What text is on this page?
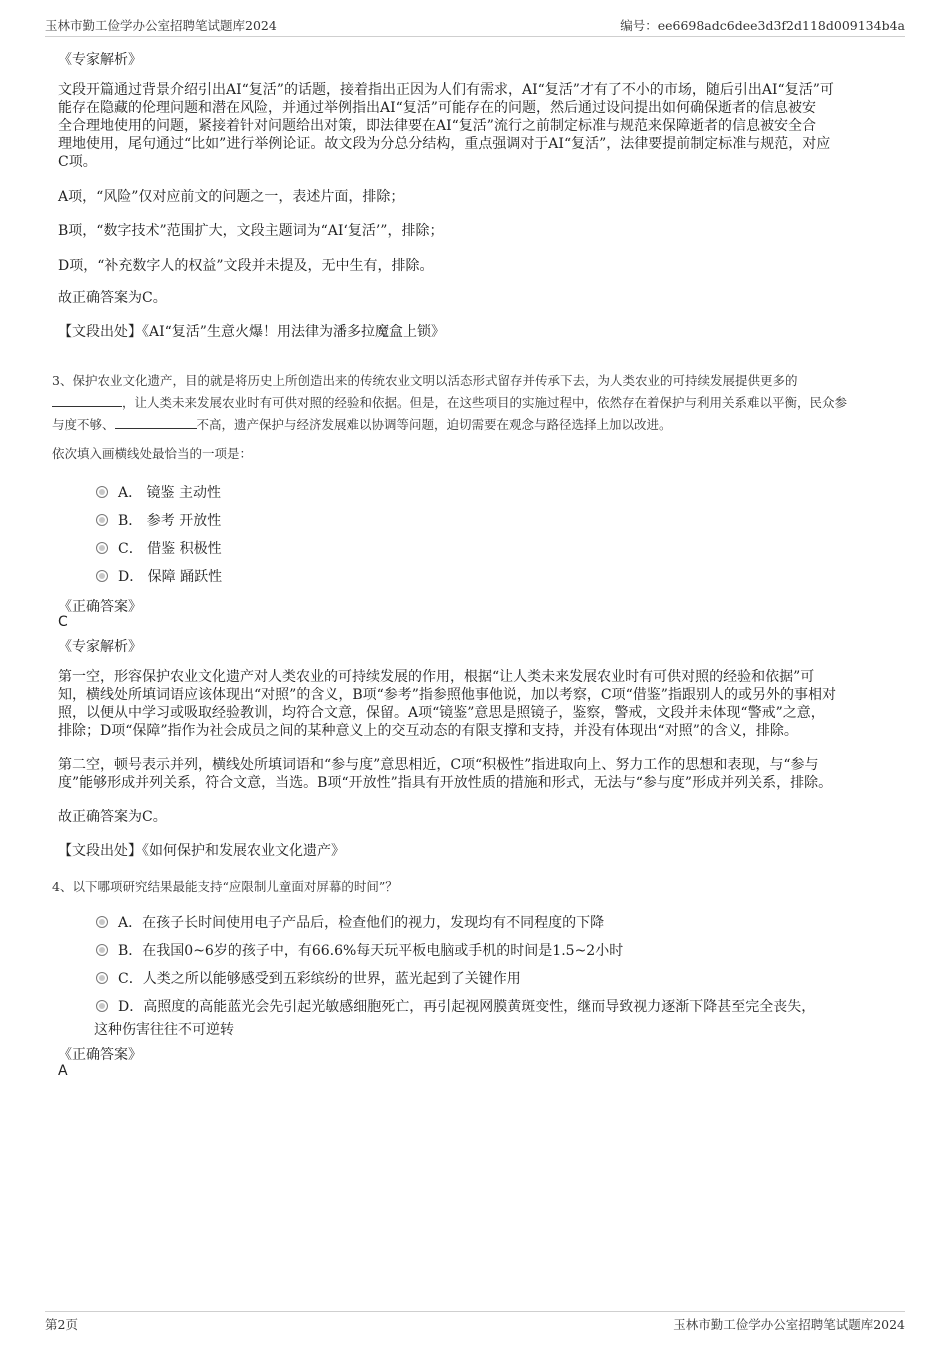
玉林市勤工俭学办公室招聘笔试题库2024	编号：ee6698adc6dee3d3f2d118d009134b4a
《专家解析》

文段开篇通过背景介绍引出AI“复活”的话题，接着指出正因为人们有需求，AI“复活”才有了不小的市场，随后引出AI“复活”可

能存在隐藏的伦理问题和潜在风险，并通过举例指出AI“复活”可能存在的问题，然后通过设问提出如何确保逝者的信息被安

全合理地使用的问题，紧接着针对问题给出对策，即法律要在AI“复活”流行之前制定标准与规范来保障逝者的信息被安全合

理地使用，尾句通过“比如”进行举例论证。故文段为分总分结构，重点强调对于AI“复活”，法律要提前制定标准与规范，对应

C项。

A项，“风险”仅对应前文的问题之一，表述片面，排除；
B项，“数字技术”范围扩大，文段主题词为“AI‘复活’”，排除；
D项，“补充数字人的权益”文段并未提及，无中生有，排除。
故正确答案为C。
【文段出处】《AI“复活”生意火爆！用法律为潘多拉魔盒上锁》
3、保护农业文化遗产，目的就是将历史上所创造出来的传统农业文明以活态形式留存并传承下去，为人类农业的可持续发展提供更多的
，让人类未来发展农业时有可供对照的经验和依据。但是，在这些项目的实施过程中，依然存在着保护与利用关系难以平衡，民众参
与度不够、	不高，遗产保护与经济发展难以协调等问题，迫切需要在观念与路径选择上加以改进。
依次填入画横线处最恰当的一项是：
A． 镜鉴 主动性
B． 参考 开放性
C． 借鉴 积极性
D． 保障 踊跃性
《正确答案》
C
《专家解析》

第一空，形容保护农业文化遗产对人类农业的可持续发展的作用，根据“让人类未来发展农业时有可供对照的经验和依据”可

知，横线处所填词语应该体现出“对照”的含义，B项“参考”指参照他事他说，加以考察，C项“借鉴”指跟别人的或另外的事相对

照，以便从中学习或吸取经验教训，均符合文意，保留。A项“镜鉴”意思是照镜子，鉴察，警戒，文段并未体现“警戒”之意，

排除；D项“保障”指作为社会成员之间的某种意义上的交互动态的有限支撑和支持，并没有体现出“对照”的含义，排除。

第二空，顿号表示并列，横线处所填词语和“参与度”意思相近，C项“积极性”指进取向上、努力工作的思想和表现，与“参与

度”能够形成并列关系，符合文意，当选。B项“开放性”指具有开放性质的措施和形式，无法与“参与度”形成并列关系，排除。

故正确答案为C。
【文段出处】《如何保护和发展农业文化遗产》
4、以下哪项研究结果最能支持“应限制儿童面对屏幕的时间”？
A．在孩子长时间使用电子产品后，检查他们的视力，发现均有不同程度的下降
B．在我国0~6岁的孩子中，有66.6%每天玩平板电脑或手机的时间是1.5~2小时
C．人类之所以能够感受到五彩缤纷的世界，蓝光起到了关键作用
D．高照度的高能蓝光会先引起光敏感细胞死亡，再引起视网膜黄斑变性，继而导致视力逐渐下降甚至完全丧失，
这种伤害往往不可逆转
《正确答案》
A
第2页	玉林市勤工俭学办公室招聘笔试题库2024
